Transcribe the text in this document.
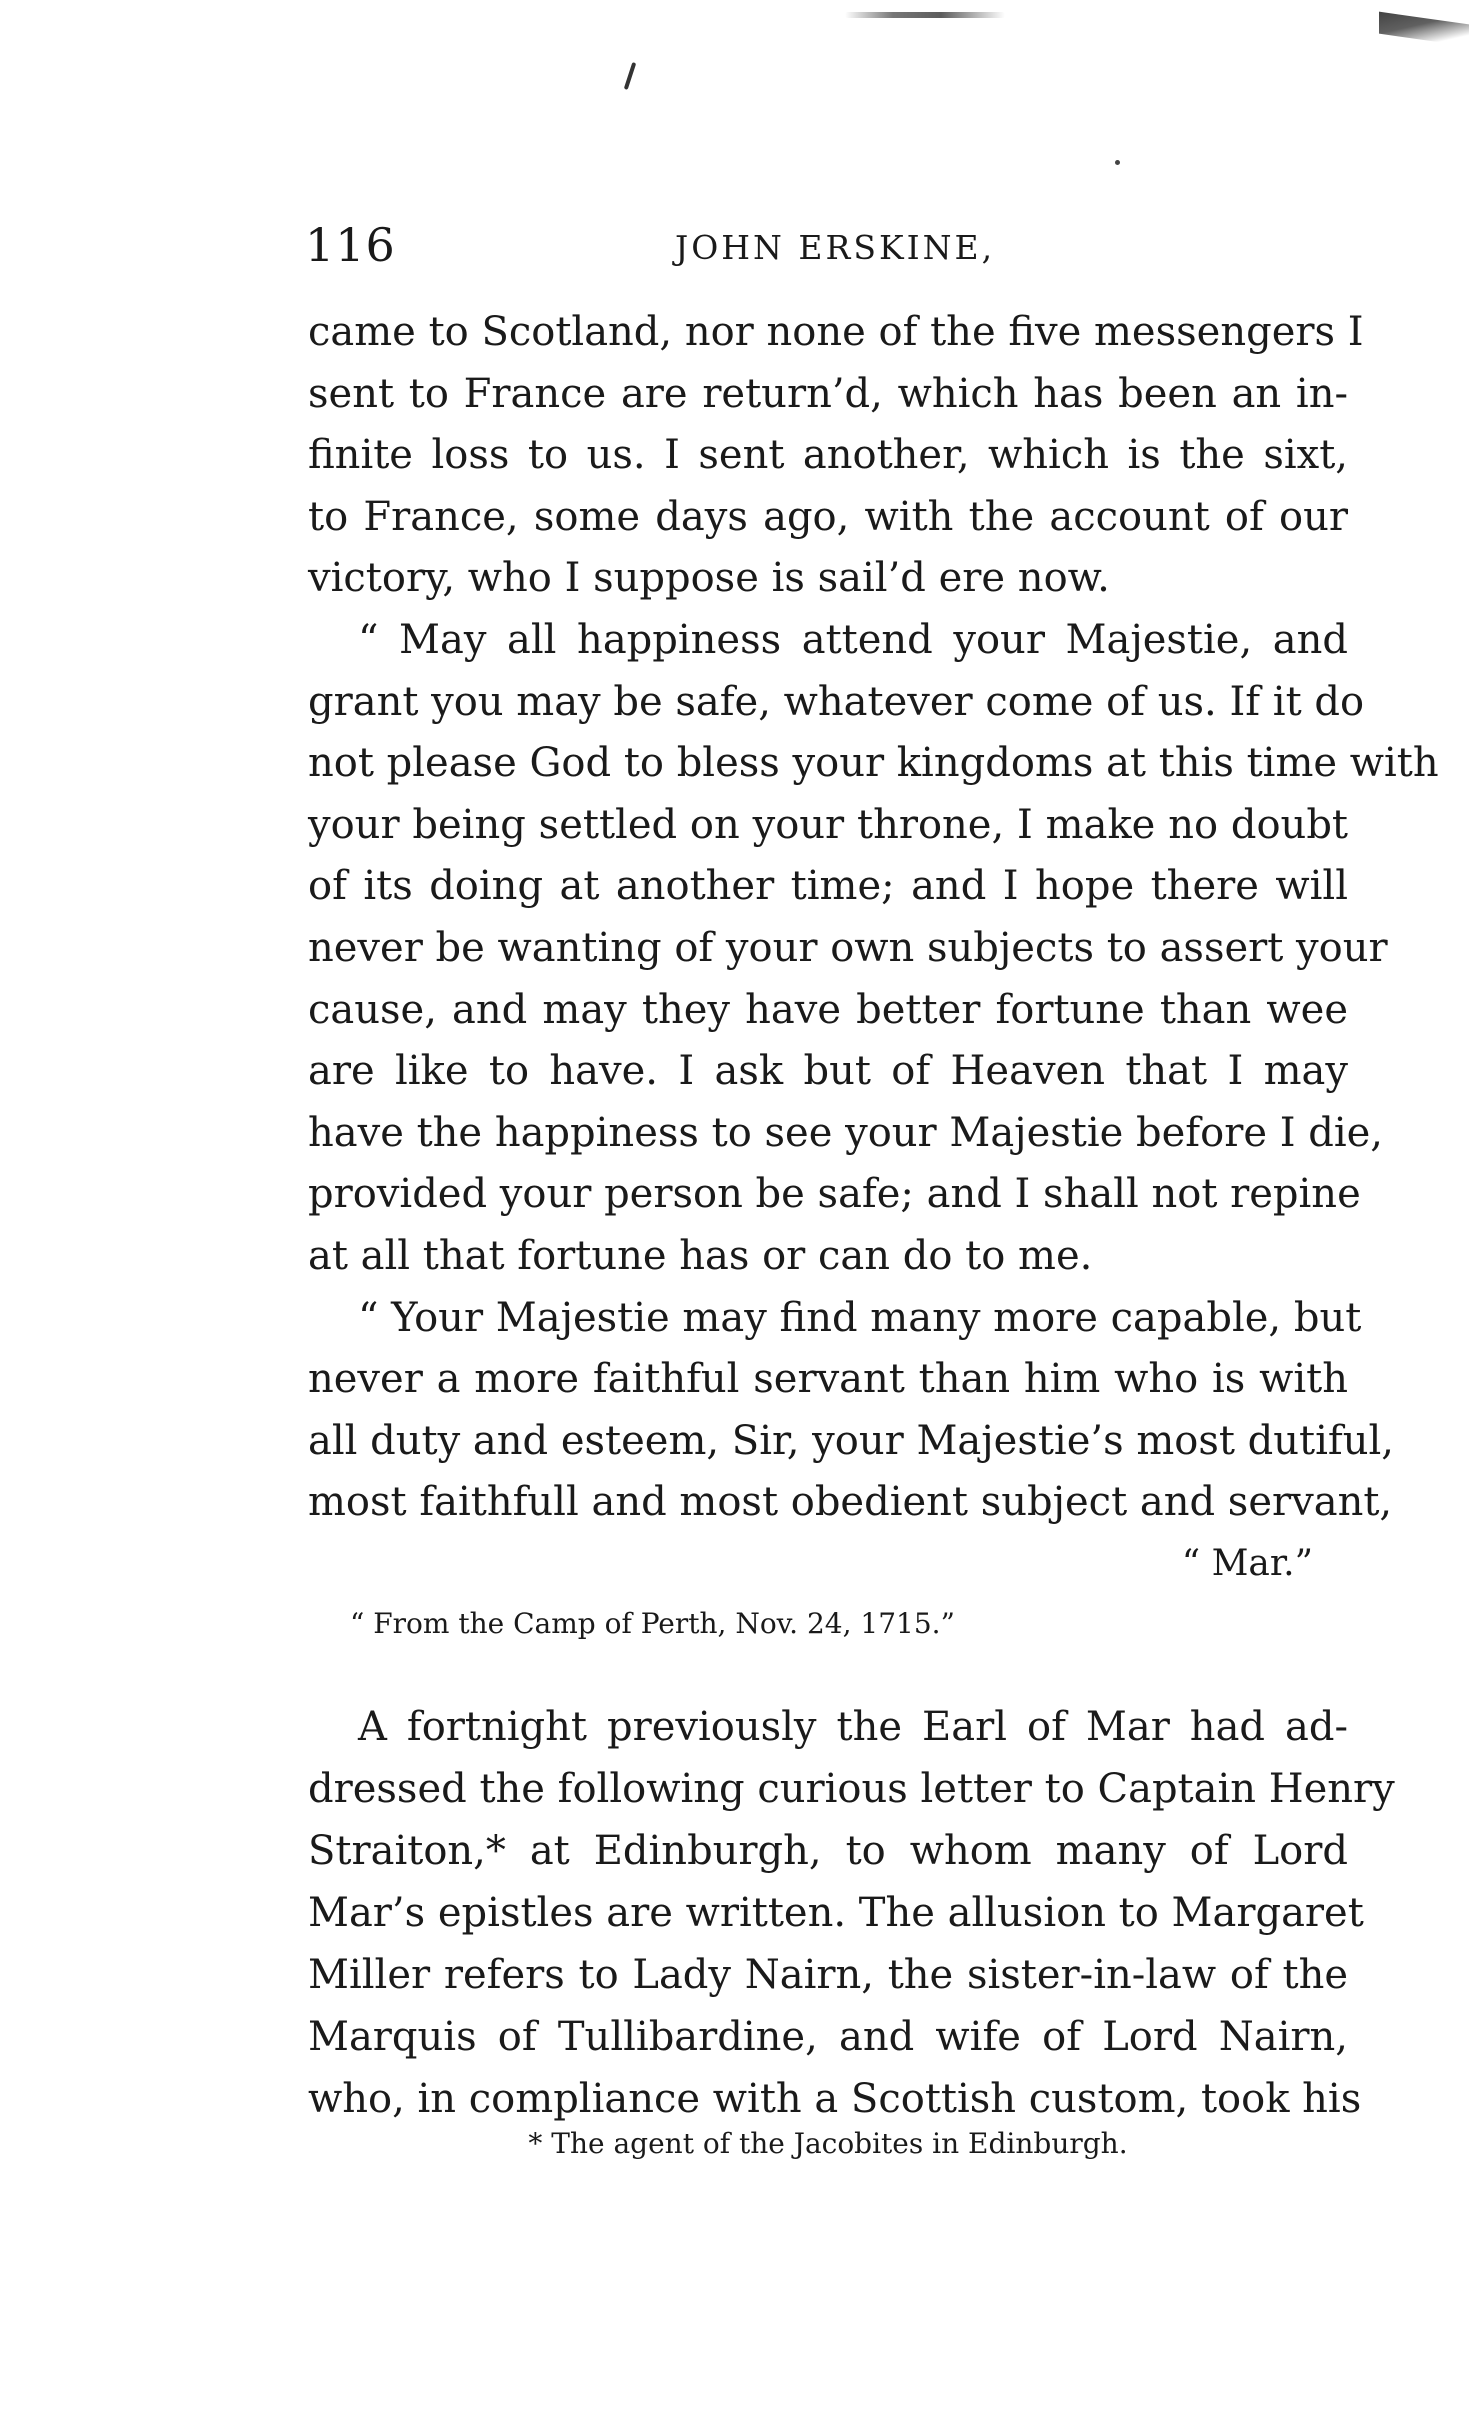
116	JOHN ERSKINE,
came to Scotland, nor none of the five messengers I
sent to France are return’d, which has been an in-
finite loss to us. I sent another, which is the sixt,
to France, some days ago, with the account of our
victory, who I suppose is sail’d ere now.
“ May all happiness attend your Majestie, and
grant you may be safe, whatever come of us. If it do
not please God to bless your kingdoms at this time with
your being settled on your throne, I make no doubt
of its doing at another time; and I hope there will
never be wanting of your own subjects to assert your
cause, and may they have better fortune than wee
are like to have. I ask but of Heaven that I may
have the happiness to see your Majestie before I die,
provided your person be safe; and I shall not repine
at all that fortune has or can do to me.
“ Your Majestie may find many more capable, but
never a more faithful servant than him who is with
all duty and esteem, Sir, your Majestie’s most dutiful,
most faithfull and most obedient subject and servant,
“ Mar.”
“ From the Camp of Perth, Nov. 24, 1715.”
A fortnight previously the Earl of Mar had ad-
dressed the following curious letter to Captain Henry
Straiton,* at Edinburgh, to whom many of Lord
Mar’s epistles are written. The allusion to Margaret
Miller refers to Lady Nairn, the sister-in-law of the
Marquis of Tullibardine, and wife of Lord Nairn,
who, in compliance with a Scottish custom, took his
* The agent of the Jacobites in Edinburgh.
